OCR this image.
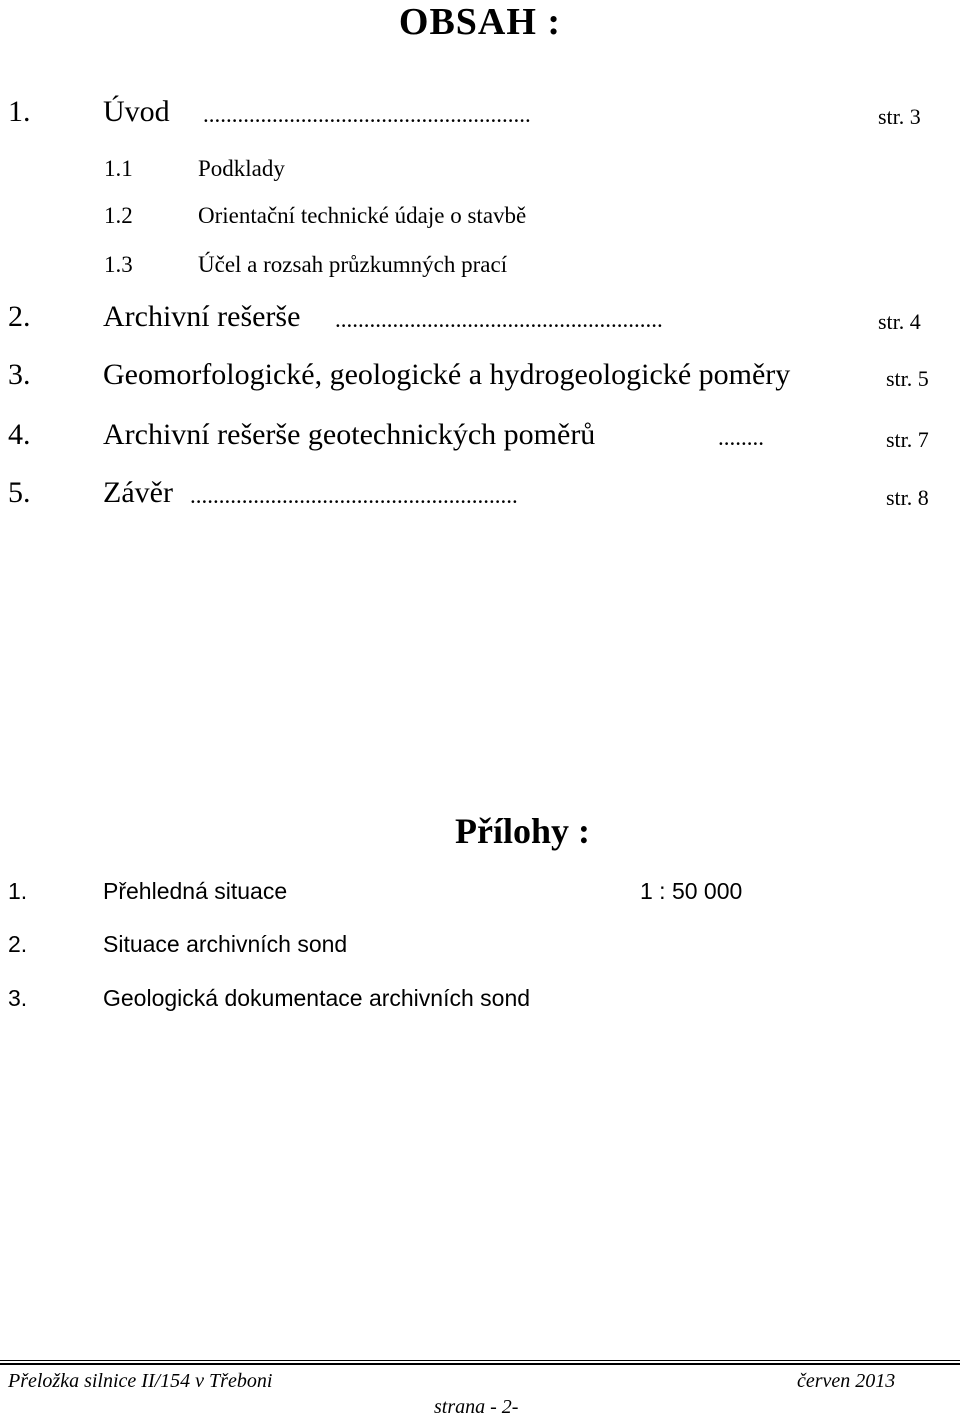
OBSAH :
1. Úvod .........................................................	str. 3
1.1	Podklady
1.2	Orientační technické údaje o stavbě
1.3	Účel a rozsah průzkumných prací
2. Archivní rešerše .........................................................	str. 4
3. Geomorfologické, geologické a hydrogeologické poměry	str. 5
4. Archivní rešerše geotechnických poměrů	........	str. 7
5. Závěr .........................................................	str. 8
Přílohy :
1.	Přehledná situace	1 : 50 000
2.	Situace archivních sond
3.	Geologická dokumentace archivních sond
Přeložka silnice II/154 v Třeboni	červen 2013
strana - 2-
